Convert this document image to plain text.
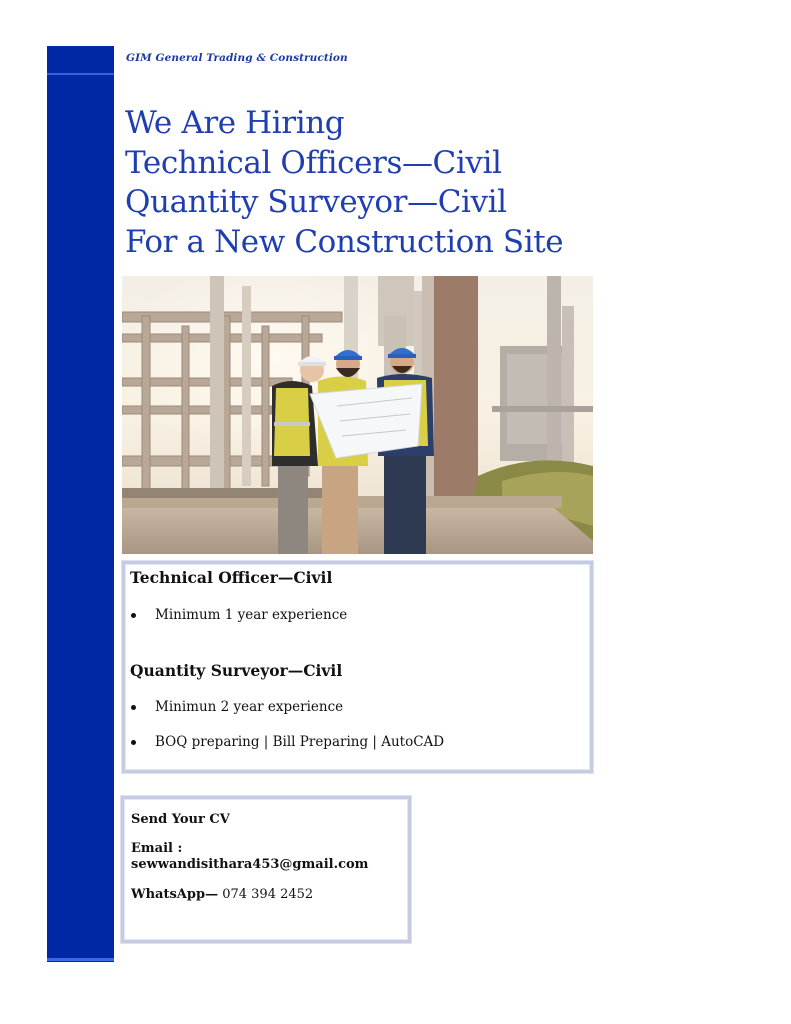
GIM General Trading & Construction
We Are Hiring
Technical Officers—Civil
Quantity Surveyor—Civil
For a New Construction Site
Technical Officer—Civil
Minimum 1 year experience
Quantity Surveyor—Civil
Minimun 2 year experience
BOQ preparing | Bill Preparing | AutoCAD
Send Your CV
Email :
sewwandisithara453@gmail.com
WhatsApp— 074 394 2452
